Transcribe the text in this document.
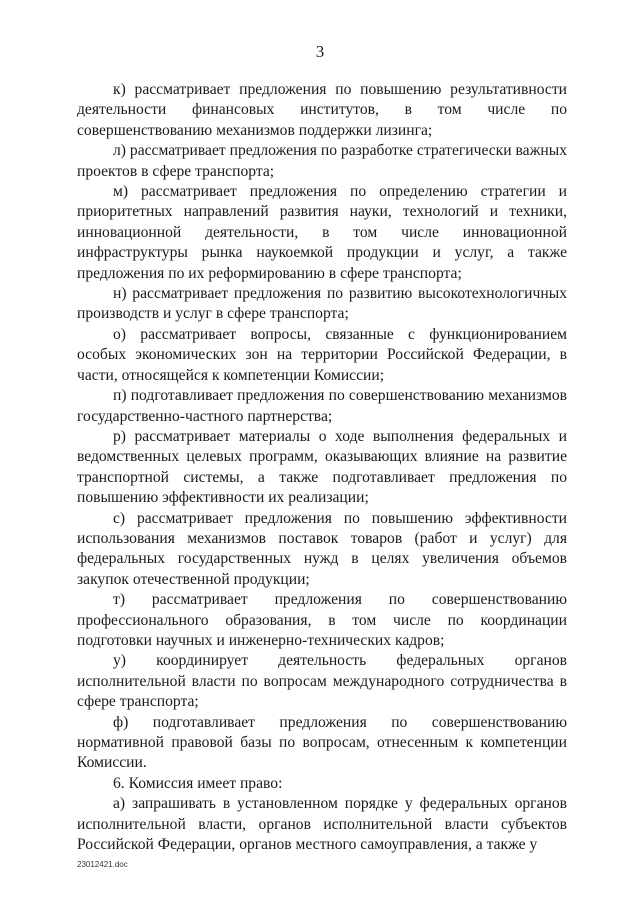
3

к) рассматривает предложения по повышению результативности деятельности финансовых институтов, в том числе по совершенствованию механизмов поддержки лизинга;

л) рассматривает предложения по разработке стратегически важных проектов в сфере транспорта;

м) рассматривает предложения по определению стратегии и приоритетных направлений развития науки, технологий и техники, инновационной деятельности, в том числе инновационной инфраструктуры рынка наукоемкой продукции и услуг, а также предложения по их реформированию в сфере транспорта;

н) рассматривает предложения по развитию высокотехнологичных производств и услуг в сфере транспорта;

о) рассматривает вопросы, связанные с функционированием особых экономических зон на территории Российской Федерации, в части, относящейся к компетенции Комиссии;

п) подготавливает предложения по совершенствованию механизмов государственно-частного партнерства;

р) рассматривает материалы о ходе выполнения федеральных и ведомственных целевых программ, оказывающих влияние на развитие транспортной системы, а также подготавливает предложения по повышению эффективности их реализации;

с) рассматривает предложения по повышению эффективности использования механизмов поставок товаров (работ и услуг) для федеральных государственных нужд в целях увеличения объемов закупок отечественной продукции;

т) рассматривает предложения по совершенствованию профессионального образования, в том числе по координации подготовки научных и инженерно-технических кадров;

у) координирует деятельность федеральных органов исполнительной власти по вопросам международного сотрудничества в сфере транспорта;

ф) подготавливает предложения по совершенствованию нормативной правовой базы по вопросам, отнесенным к компетенции Комиссии.

6. Комиссия имеет право:

а) запрашивать в установленном порядке у федеральных органов исполнительной власти, органов исполнительной власти субъектов Российской Федерации, органов местного самоуправления, а также у

23012421.doc
